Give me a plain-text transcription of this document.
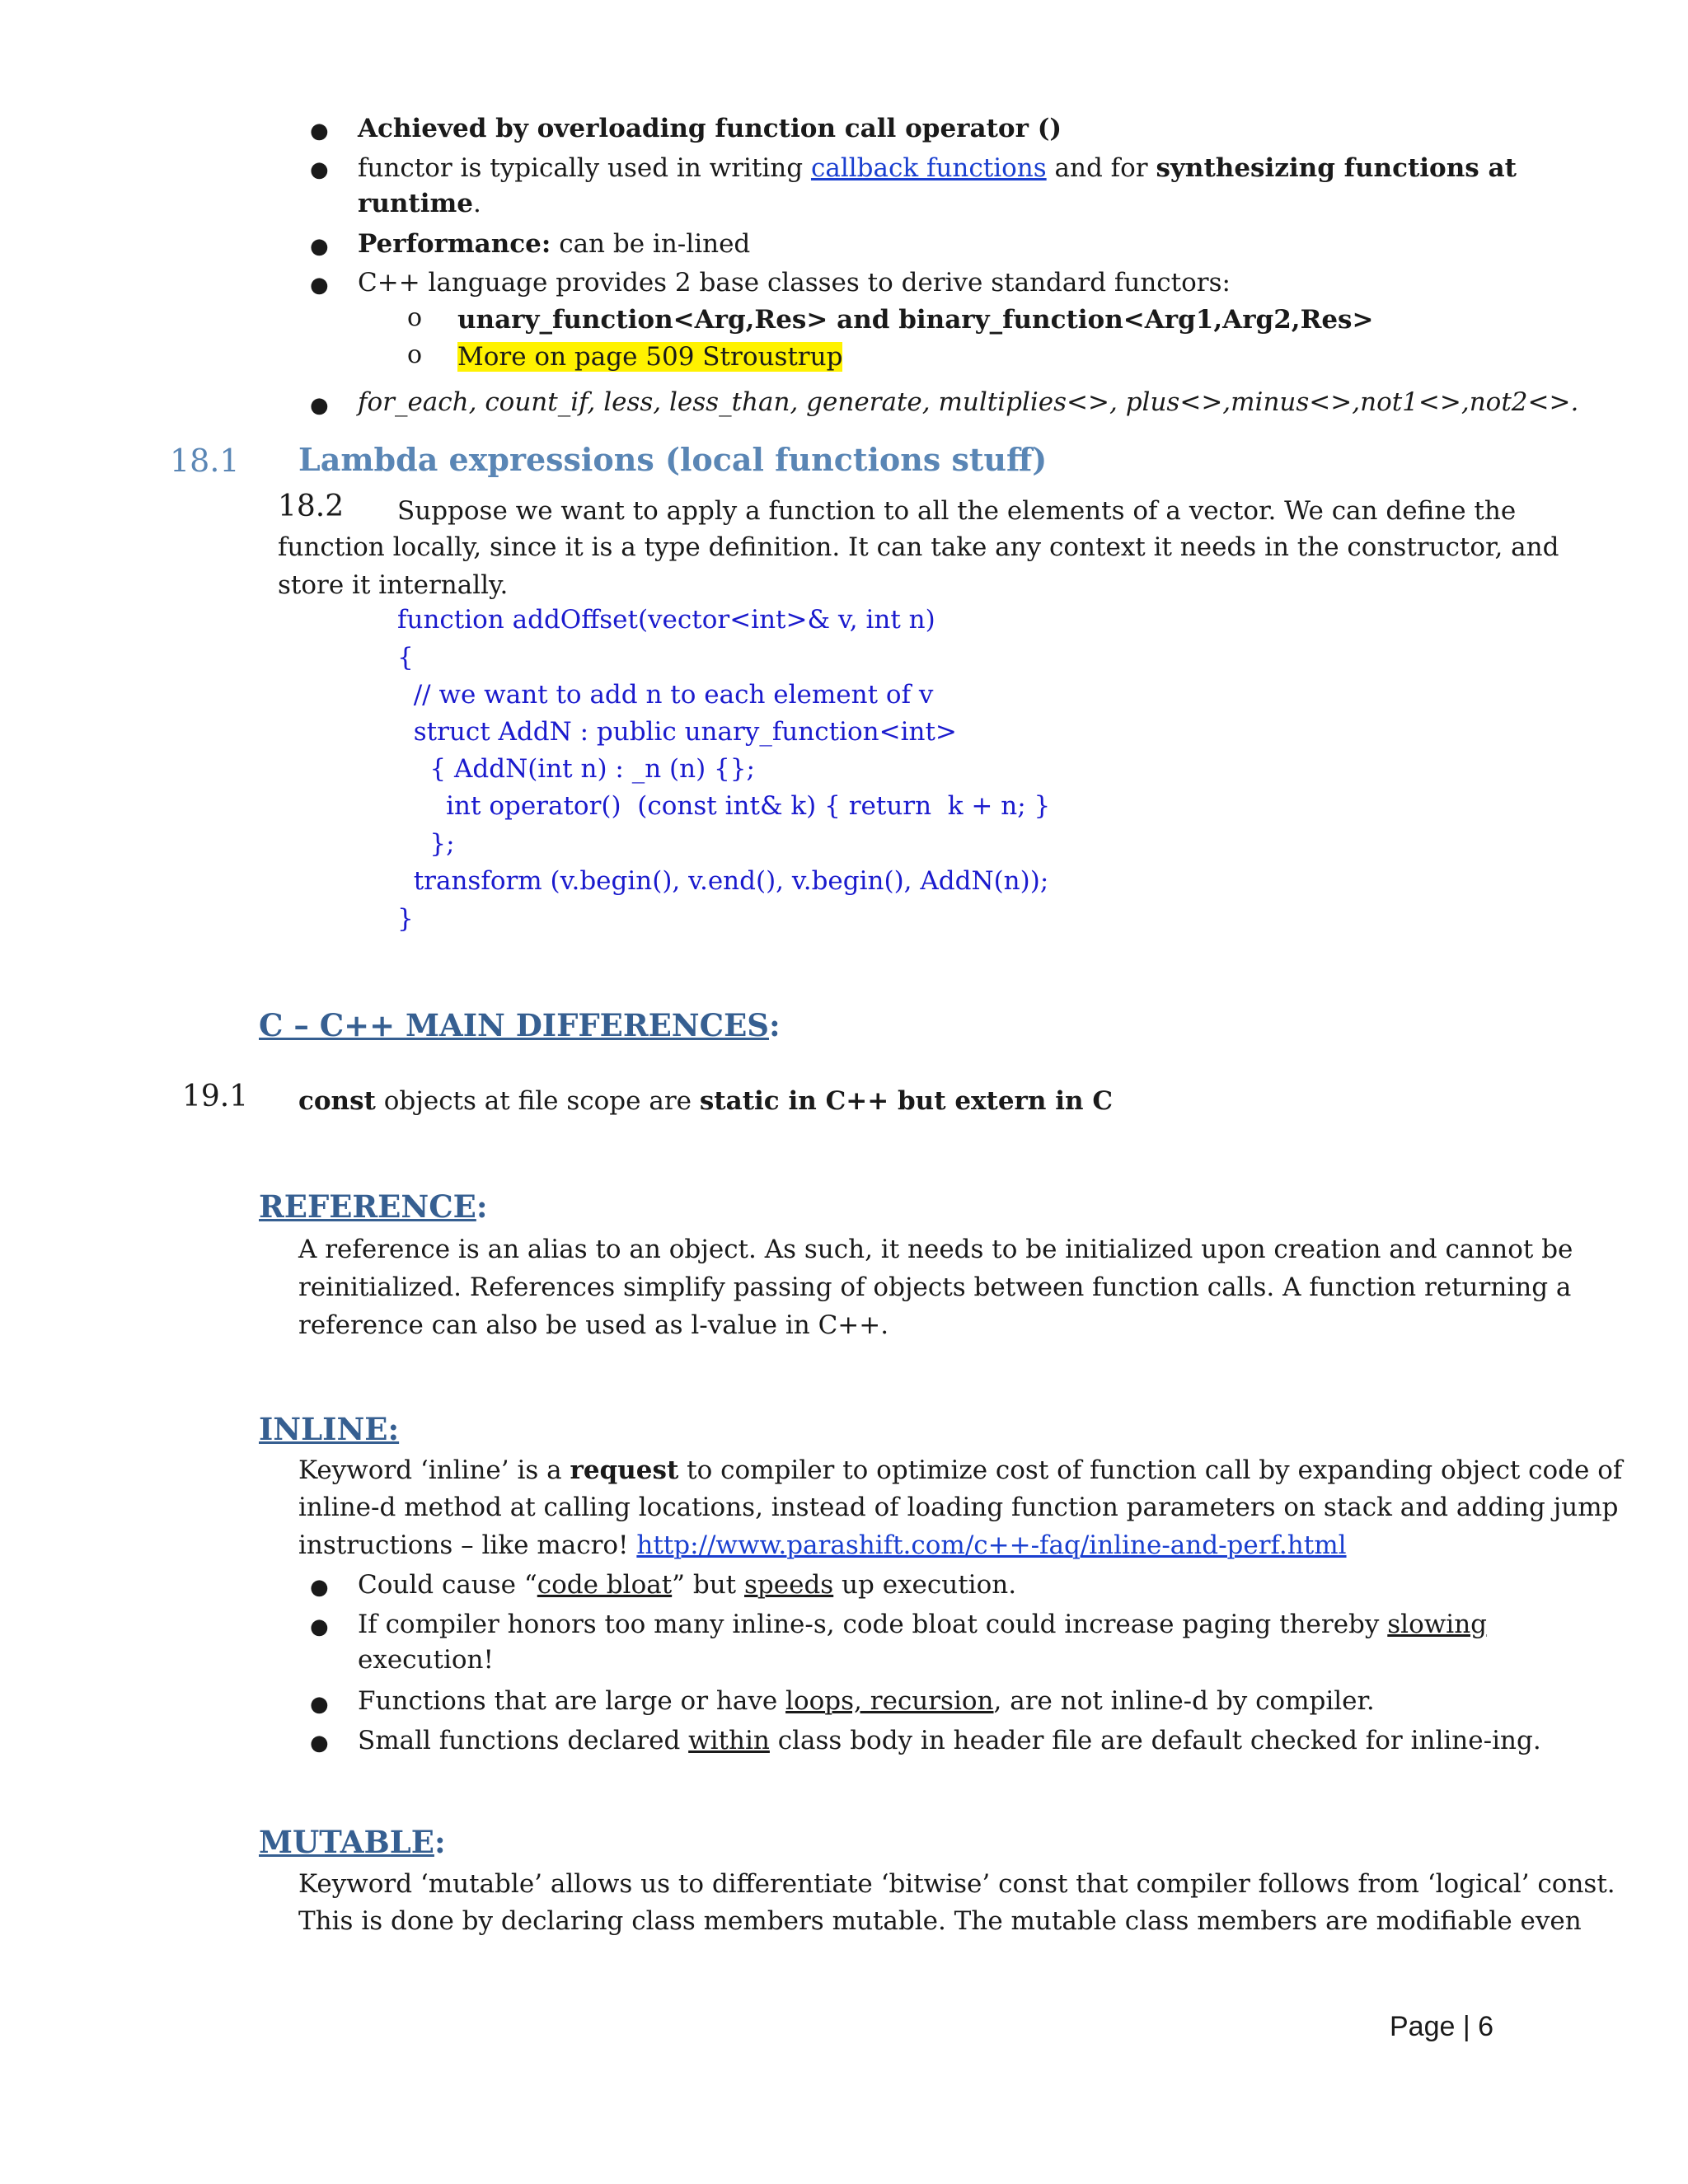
● Achieved by overloading function call operator ()
● functor is typically used in writing callback functions and for synthesizing functions at
runtime.
● Performance: can be in-lined
● C++ language provides 2 base classes to derive standard functors:
o unary_function<Arg,Res> and binary_function<Arg1,Arg2,Res>
o More on page 509 Stroustrup
● for_each, count_if, less, less_than, generate, multiplies<>, plus<>,minus<>,not1<>,not2<>.
18.1 Lambda expressions (local functions stuff)
18.2 Suppose we want to apply a function to all the elements of a vector. We can define the
function locally, since it is a type definition. It can take any context it needs in the constructor, and
store it internally.
function addOffset(vector<int>& v, int n)
{
// we want to add n to each element of v
struct AddN : public unary_function<int>
{ AddN(int n) : _n (n) {};
int operator()  (const int& k) { return  k + n; }
};
transform (v.begin(), v.end(), v.begin(), AddN(n));
}
C – C++ MAIN DIFFERENCES:
19.1 const objects at file scope are static in C++ but extern in C
REFERENCE:
A reference is an alias to an object. As such, it needs to be initialized upon creation and cannot be
reinitialized. References simplify passing of objects between function calls. A function returning a
reference can also be used as l-value in C++.
INLINE:
Keyword ‘inline’ is a request to compiler to optimize cost of function call by expanding object code of
inline-d method at calling locations, instead of loading function parameters on stack and adding jump
instructions – like macro! http://www.parashift.com/c++-faq/inline-and-perf.html
● Could cause “code bloat” but speeds up execution.
● If compiler honors too many inline-s, code bloat could increase paging thereby slowing
execution!
● Functions that are large or have loops, recursion, are not inline-d by compiler.
● Small functions declared within class body in header file are default checked for inline-ing.
MUTABLE:
Keyword ‘mutable’ allows us to differentiate ‘bitwise’ const that compiler follows from ‘logical’ const.
This is done by declaring class members mutable. The mutable class members are modifiable even
Page | 6
